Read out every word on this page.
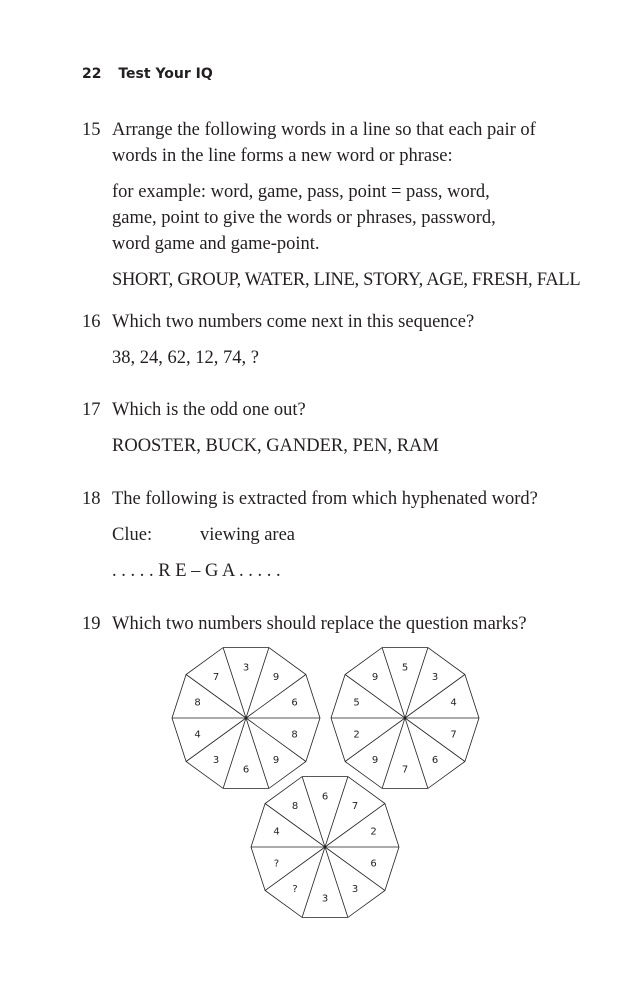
22 Test Your IQ
15 Arrange the following words in a line so that each pair of

words in the line forms a new word or phrase:

for example: word, game, pass, point = pass, word,

game, point to give the words or phrases, password,

word game and game-point.

SHORT, GROUP, WATER, LINE, STORY, AGE, FRESH, FALL

16 Which two numbers come next in this sequence?

38, 24, 62, 12, 74, ?

17 Which is the odd one out?

ROOSTER, BUCK, GANDER, PEN, RAM

18 The following is extracted from which hyphenated word?

Clue:	viewing area

. . . . . R E – G A . . . . .

19 Which two numbers should replace the question marks?

3
9
6
8
9
6
3
4
8
7
5
3
4
7
6
7
9
2
5
9
6
7
2
6
3
3
?
?
4
8
